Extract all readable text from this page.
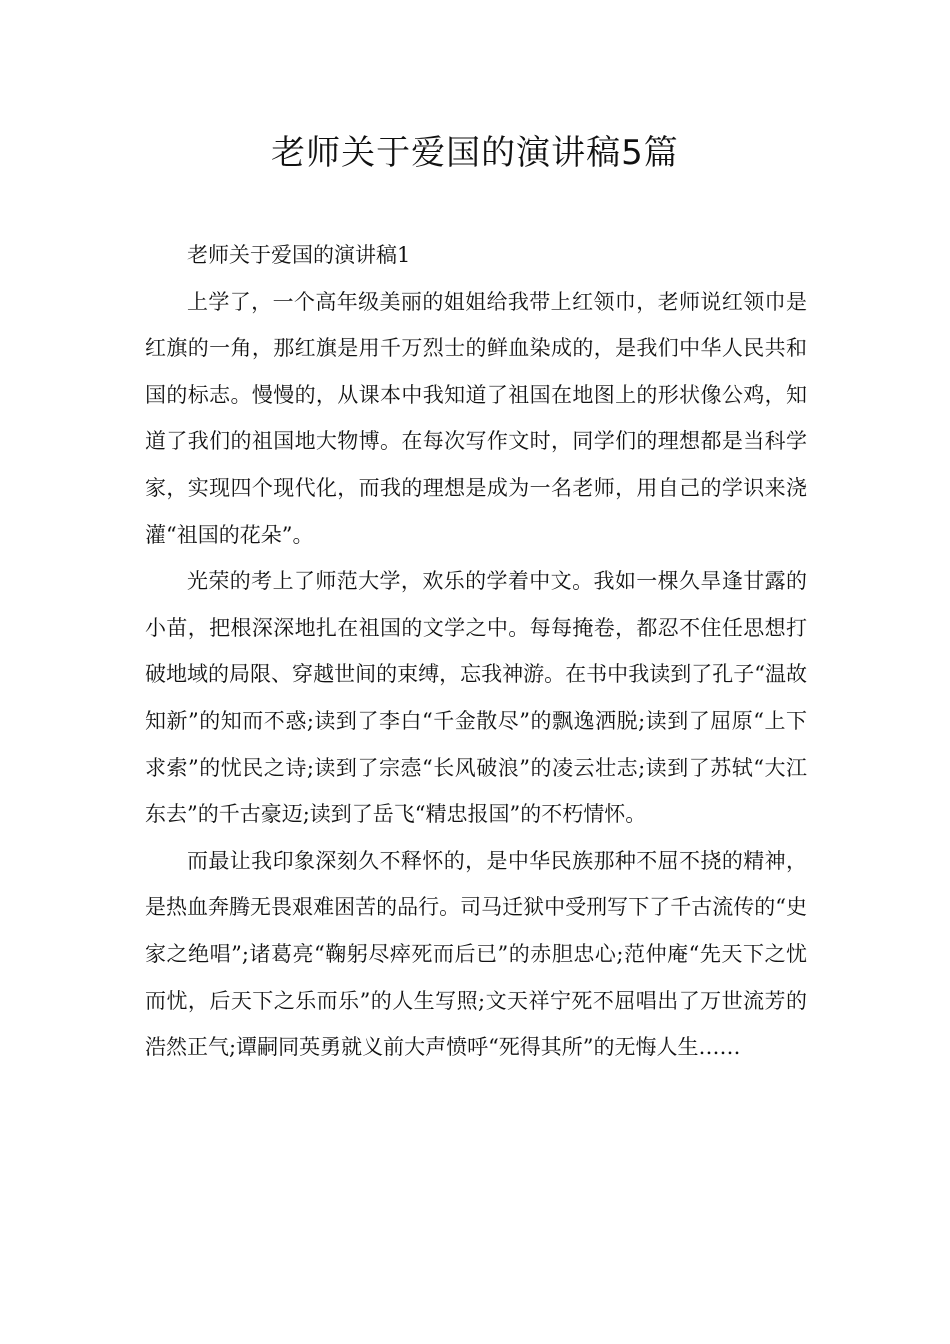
老师关于爱国的演讲稿5篇

老师关于爱国的演讲稿1

上学了，一个高年级美丽的姐姐给我带上红领巾，老师说红领巾是红旗的一角，那红旗是用千万烈士的鲜血染成的，是我们中华人民共和国的标志。慢慢的，从课本中我知道了祖国在地图上的形状像公鸡，知道了我们的祖国地大物博。在每次写作文时，同学们的理想都是当科学家，实现四个现代化，而我的理想是成为一名老师，用自己的学识来浇灌“祖国的花朵”。

光荣的考上了师范大学，欢乐的学着中文。我如一棵久旱逢甘露的小苗，把根深深地扎在祖国的文学之中。每每掩卷，都忍不住任思想打破地域的局限、穿越世间的束缚，忘我神游。在书中我读到了孔子“温故知新”的知而不惑;读到了李白“千金散尽”的飘逸洒脱;读到了屈原“上下求索”的忧民之诗;读到了宗悫“长风破浪”的凌云壮志;读到了苏轼“大江东去”的千古豪迈;读到了岳飞“精忠报国”的不朽情怀。

而最让我印象深刻久不释怀的，是中华民族那种不屈不挠的精神，是热血奔腾无畏艰难困苦的品行。司马迁狱中受刑写下了千古流传的“史家之绝唱”;诸葛亮“鞠躬尽瘁死而后已”的赤胆忠心;范仲庵“先天下之忧而忧，后天下之乐而乐”的人生写照;文天祥宁死不屈唱出了万世流芳的浩然正气;谭嗣同英勇就义前大声愤呼“死得其所”的无悔人生……
